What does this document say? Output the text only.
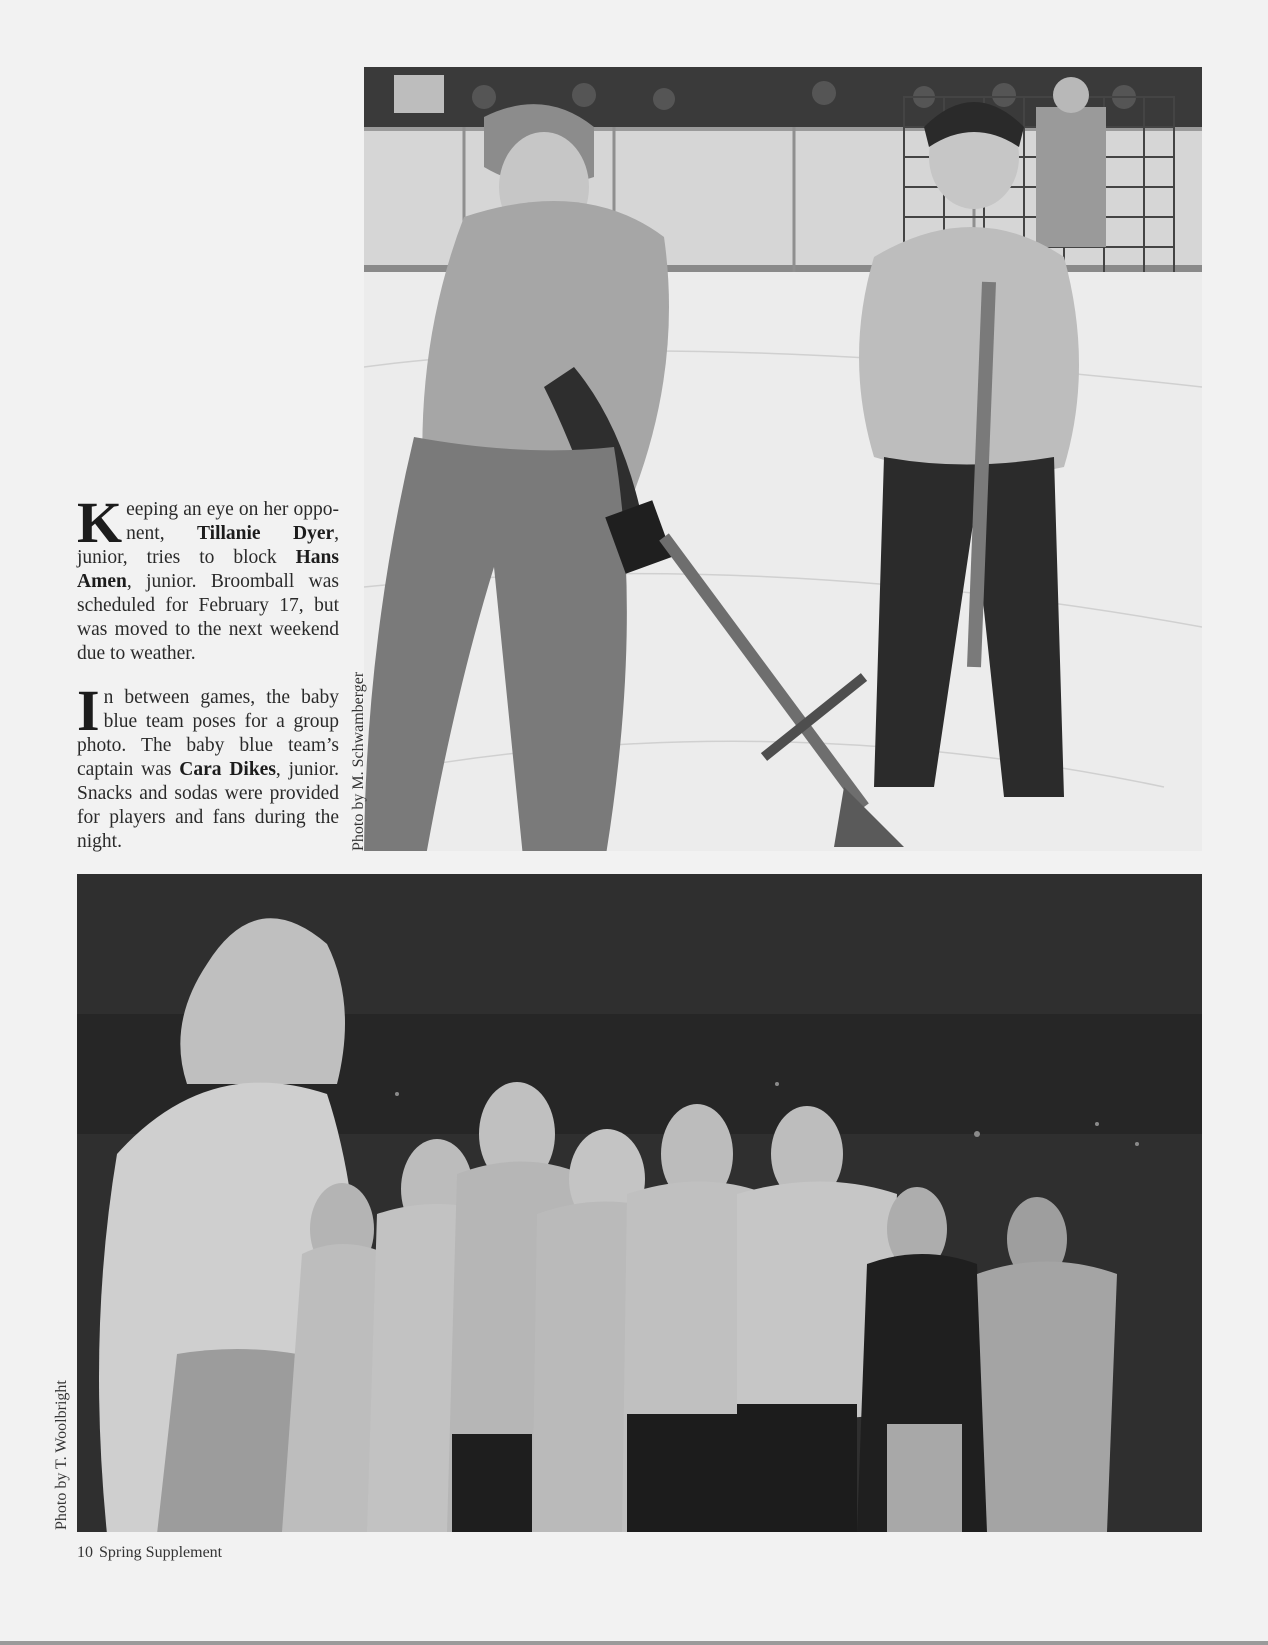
Keeping an eye on her oppo-nent, Tillanie Dyer, junior, tries to block Hans Amen, junior. Broomball was scheduled for February 17, but was moved to the next weekend due to weather.

In between games, the baby blue team poses for a group photo. The baby blue team’s captain was Cara Dikes, junior. Snacks and sodas were provided for players and fans during the night.	Photo by M. Schwamberger
Photo by T. Woolbright
10 Spring Supplement
